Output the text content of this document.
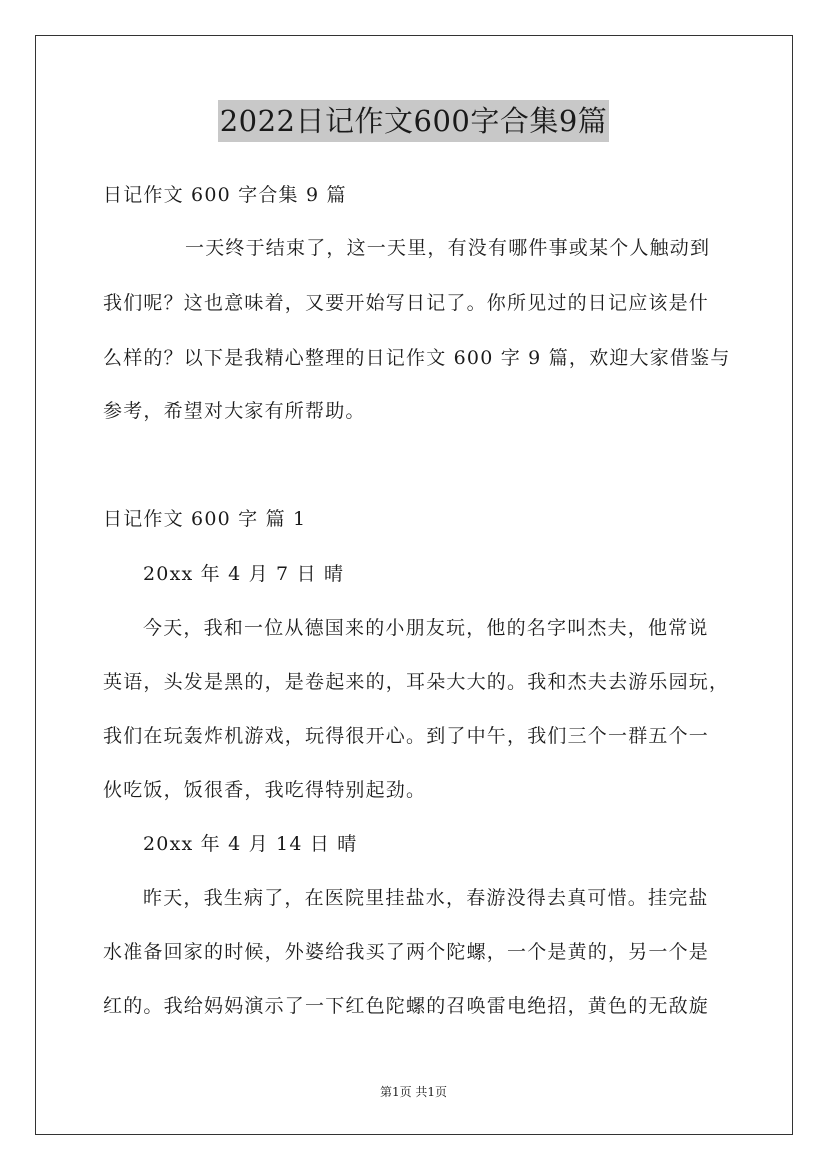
2022日记作文600字合集9篇
日记作文 600 字合集 9 篇
一天终于结束了，这一天里，有没有哪件事或某个人触动到
我们呢？这也意味着，又要开始写日记了。你所见过的日记应该是什
么样的？以下是我精心整理的日记作文 600 字 9 篇，欢迎大家借鉴与
参考，希望对大家有所帮助。
日记作文 600 字 篇 1
20xx 年 4 月 7 日 晴
今天，我和一位从德国来的小朋友玩，他的名字叫杰夫，他常说
英语，头发是黑的，是卷起来的，耳朵大大的。我和杰夫去游乐园玩，
我们在玩轰炸机游戏，玩得很开心。到了中午，我们三个一群五个一
伙吃饭，饭很香，我吃得特别起劲。
20xx 年 4 月 14 日 晴
昨天，我生病了，在医院里挂盐水，春游没得去真可惜。挂完盐
水准备回家的时候，外婆给我买了两个陀螺，一个是黄的，另一个是
红的。我给妈妈演示了一下红色陀螺的召唤雷电绝招，黄色的无敌旋
第1页 共1页
